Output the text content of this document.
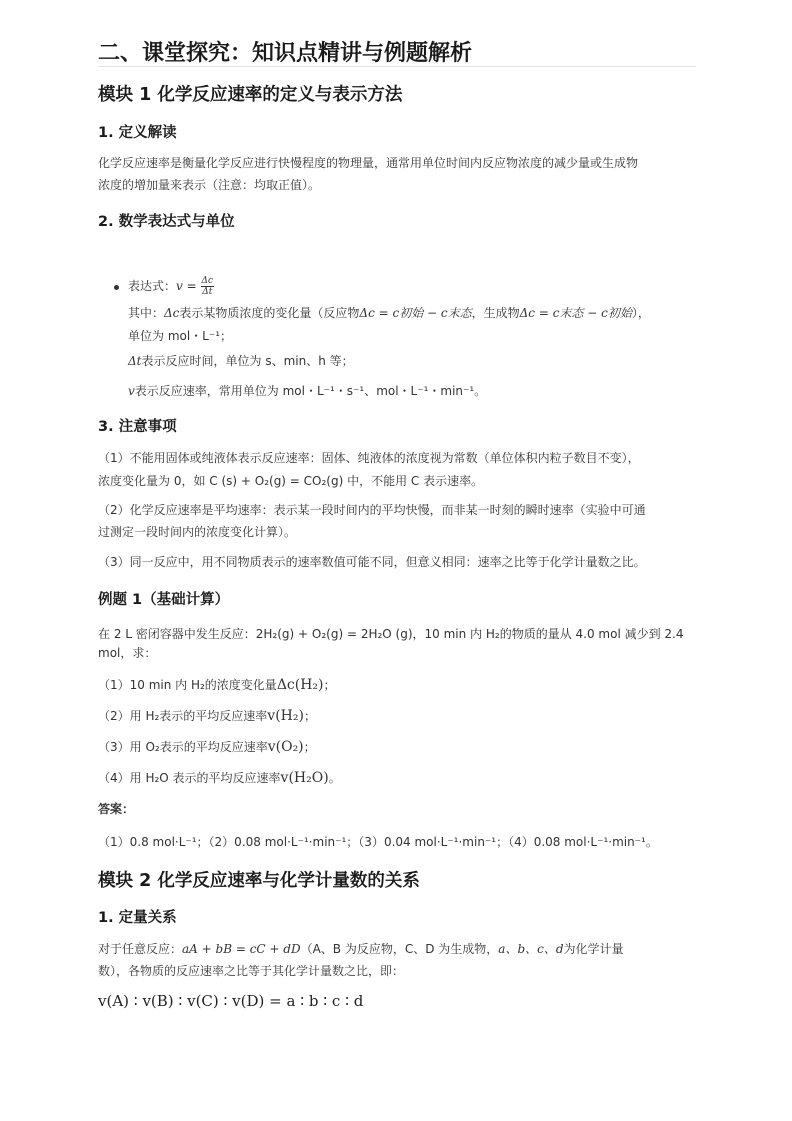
二、课堂探究：知识点精讲与例题解析
模块 1 化学反应速率的定义与表示方法
1. 定义解读
化学反应速率是衡量化学反应进行快慢程度的物理量，通常用单位时间内反应物浓度的减少量或生成物
浓度的增加量来表示（注意：均取正值）。
2. 数学表达式与单位
表达式：$v = \frac{\Delta c}{\Delta t}$
其中：Δc表示某物质浓度的变化量（反应物Δc = c初始 − c末态，生成物Δc = c末态 − c初始），
单位为 mol・L⁻¹；
Δt表示反应时间，单位为 s、min、h 等；
v表示反应速率，常用单位为 mol・L⁻¹・s⁻¹、mol・L⁻¹・min⁻¹。
3. 注意事项
（1）不能用固体或纯液体表示反应速率：固体、纯液体的浓度视为常数（单位体积内粒子数目不变），
浓度变化量为 0，如 C (s) + O₂(g) = CO₂(g) 中，不能用 C 表示速率。
（2）化学反应速率是平均速率：表示某一段时间内的平均快慢，而非某一时刻的瞬时速率（实验中可通
过测定一段时间内的浓度变化计算）。
（3）同一反应中，用不同物质表示的速率数值可能不同，但意义相同：速率之比等于化学计量数之比。
例题 1（基础计算）
在 2 L 密闭容器中发生反应：2H₂(g) + O₂(g) = 2H₂O (g)，10 min 内 H₂的物质的量从 4.0 mol 减少到 2.4
mol，求：
（1）10 min 内 H₂的浓度变化量Δc(H₂)；
（2）用 H₂表示的平均反应速率v(H₂)；
（3）用 O₂表示的平均反应速率v(O₂)；
（4）用 H₂O 表示的平均反应速率v(H₂O)。
答案：
（1）0.8 mol·L⁻¹；（2）0.08 mol·L⁻¹·min⁻¹；（3）0.04 mol·L⁻¹·min⁻¹；（4）0.08 mol·L⁻¹·min⁻¹。
模块 2 化学反应速率与化学计量数的关系
1. 定量关系
对于任意反应：aA + bB = cC + dD（A、B 为反应物，C、D 为生成物，a、b、c、d为化学计量
数），各物质的反应速率之比等于其化学计量数之比，即：
v(A) ∶ v(B) ∶ v(C) ∶ v(D) = a ∶ b ∶ c ∶ d
